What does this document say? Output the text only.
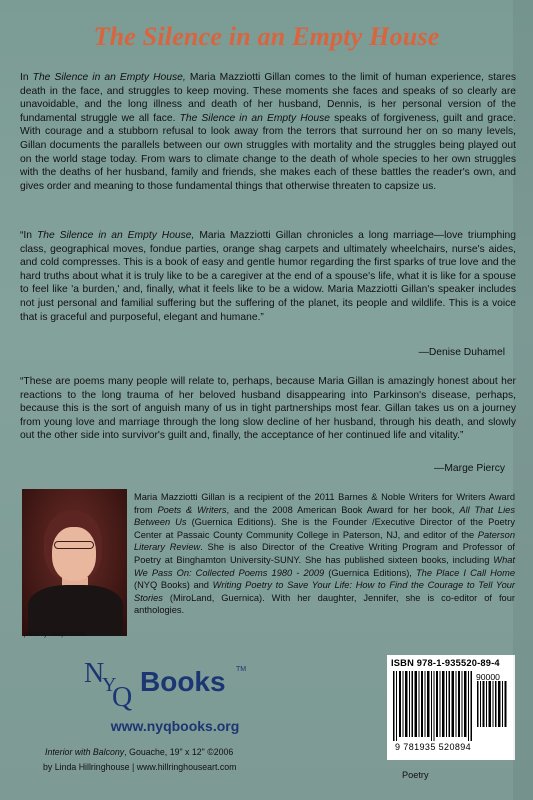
The Silence in an Empty House
In The Silence in an Empty House, Maria Mazziotti Gillan comes to the limit of human experience, stares death in the face, and struggles to keep moving. These moments she faces and speaks of so clearly are unavoidable, and the long illness and death of her husband, Dennis, is her personal version of the fundamental struggle we all face. The Silence in an Empty House speaks of forgiveness, guilt and grace. With courage and a stubborn refusal to look away from the terrors that surround her on so many levels, Gillan documents the parallels between our own struggles with mortality and the struggles being played out on the world stage today. From wars to climate change to the death of whole species to her own struggles with the deaths of her husband, family and friends, she makes each of these battles the reader's own, and gives order and meaning to those fundamental things that otherwise threaten to capsize us.
“In The Silence in an Empty House, Maria Mazziotti Gillan chronicles a long marriage—love triumphing class, geographical moves, fondue parties, orange shag carpets and ultimately wheelchairs, nurse's aides, and cold compresses. This is a book of easy and gentle humor regarding the first sparks of true love and the hard truths about what it is truly like to be a caregiver at the end of a spouse's life, what it is like for a spouse to feel like 'a burden,' and, finally, what it feels like to be a widow. Maria Mazziotti Gillan's speaker includes not just personal and familial suffering but the suffering of the planet, its people and wildlife. This is a voice that is graceful and purposeful, elegant and humane.”
—Denise Duhamel
“These are poems many people will relate to, perhaps, because Maria Gillan is amazingly honest about her reactions to the long trauma of her beloved husband disappearing into Parkinson's disease, perhaps, because this is the sort of anguish many of us in tight partnerships most fear. Gillan takes us on a journey from young love and marriage through the long slow decline of her husband, through his death, and slowly out the other side into survivor's guilt and, finally, the acceptance of her continued life and vitality.”
—Marge Piercy
photo by Joseph Costa
Maria Mazziotti Gillan is a recipient of the 2011 Barnes & Noble Writers for Writers Award from Poets & Writers, and the 2008 American Book Award for her book, All That Lies Between Us (Guernica Editions). She is the Founder /Executive Director of the Poetry Center at Passaic County Community College in Paterson, NJ, and editor of the Paterson Literary Review. She is also Director of the Creative Writing Program and Professor of Poetry at Binghamton University-SUNY. She has published sixteen books, including What We Pass On: Collected Poems 1980 - 2009 (Guernica Editions), The Place I Call Home (NYQ Books) and Writing Poetry to Save Your Life: How to Find the Courage to Tell Your Stories (MiroLand, Guernica). With her daughter, Jennifer, she is co-editor of four anthologies.
N
Y
Q
Books TM
www.nyqbooks.org
Interior with Balcony, Gouache, 19" x 12" ©2006
by Linda Hillringhouse | www.hillringhouseart.com
ISBN 978-1-935520-89-4
90000
9 781935 520894
Poetry
